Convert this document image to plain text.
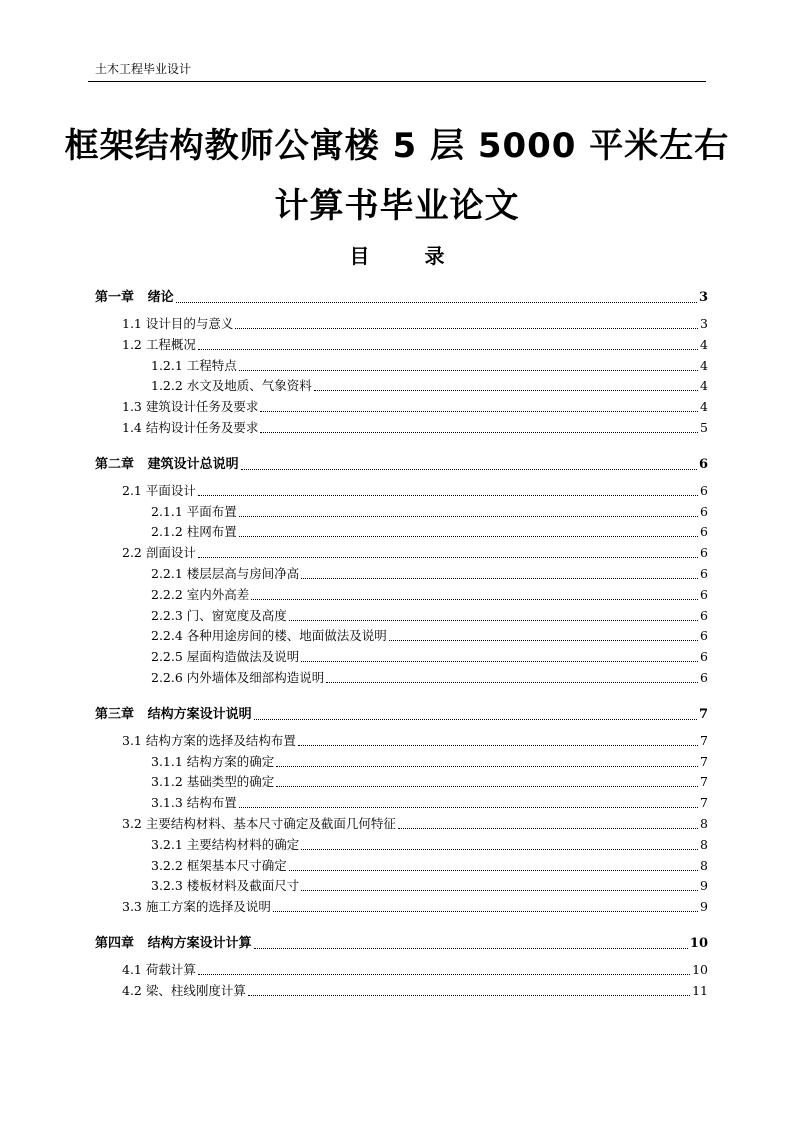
土木工程毕业设计
框架结构教师公寓楼 5 层 5000 平米左右
计算书毕业论文
目 录
第一章 绪论	3
1.1 设计目的与意义	3
1.2 工程概况	4
1.2.1 工程特点	4
1.2.2 水文及地质、气象资料	4
1.3 建筑设计任务及要求	4
1.4 结构设计任务及要求	5
第二章 建筑设计总说明	6
2.1 平面设计	6
2.1.1 平面布置	6
2.1.2 柱网布置	6
2.2 剖面设计	6
2.2.1 楼层层高与房间净高	6
2.2.2 室内外高差	6
2.2.3 门、窗宽度及高度	6
2.2.4 各种用途房间的楼、地面做法及说明	6
2.2.5 屋面构造做法及说明	6
2.2.6 内外墙体及细部构造说明	6
第三章 结构方案设计说明	7
3.1 结构方案的选择及结构布置	7
3.1.1 结构方案的确定	7
3.1.2 基础类型的确定	7
3.1.3 结构布置	7
3.2 主要结构材料、基本尺寸确定及截面几何特征	8
3.2.1 主要结构材料的确定	8
3.2.2 框架基本尺寸确定	8
3.2.3 楼板材料及截面尺寸	9
3.3 施工方案的选择及说明	9
第四章 结构方案设计计算	10
4.1 荷载计算	10
4.2 梁、柱线刚度计算	11
